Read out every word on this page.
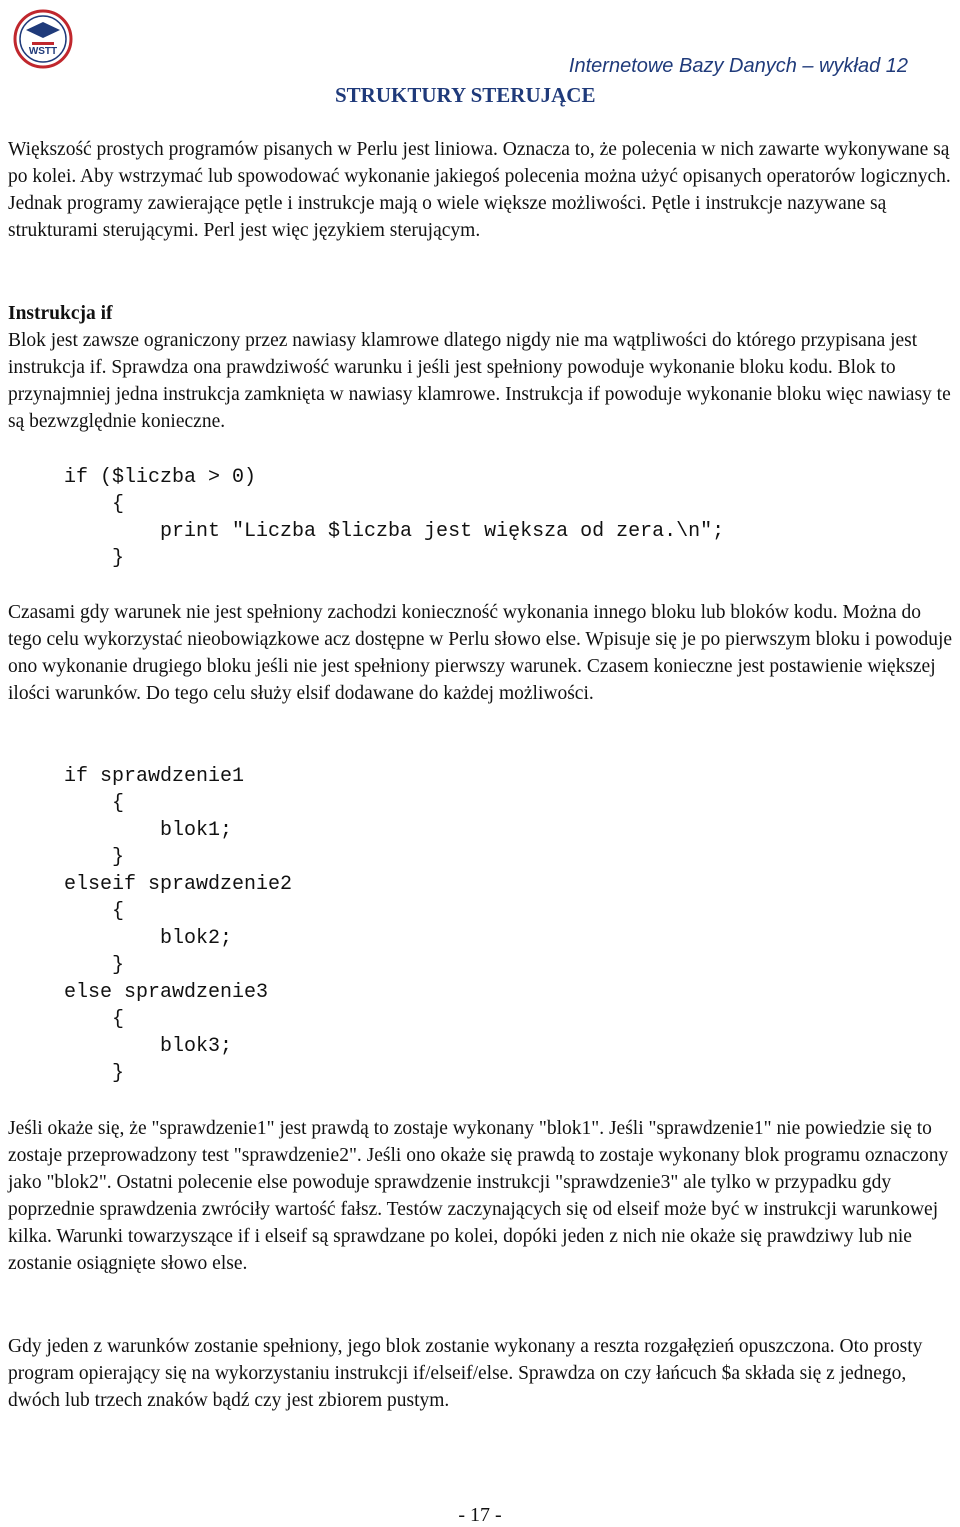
WSTT
Internetowe Bazy Danych – wykład 12
STRUKTURY STERUJĄCE

Większość prostych programów pisanych w Perlu jest liniowa. Oznacza to, że polecenia w nich zawarte wykonywane są po kolei. Aby wstrzymać lub spowodować wykonanie jakiegoś polecenia można użyć opisanych operatorów logicznych. Jednak programy zawierające pętle i instrukcje mają o wiele większe możliwości. Pętle i instrukcje nazywane są strukturami sterującymi. Perl jest więc językiem sterującym.

Instrukcja if

Blok jest zawsze ograniczony przez nawiasy klamrowe dlatego nigdy nie ma wątpliwości do którego przypisana jest instrukcja if. Sprawdza ona prawdziwość warunku i jeśli jest spełniony powoduje wykonanie bloku kodu. Blok to przynajmniej jedna instrukcja zamknięta w nawiasy klamrowe. Instrukcja if powoduje wykonanie bloku więc nawiasy te są bezwzględnie konieczne.

if ($liczba > 0)
{
print "Liczba $liczba jest większa od zera.\n";
}

Czasami gdy warunek nie jest spełniony zachodzi konieczność wykonania innego bloku lub bloków kodu. Można do tego celu wykorzystać nieobowiązkowe acz dostępne w Perlu słowo else. Wpisuje się je po pierwszym bloku i powoduje ono wykonanie drugiego bloku jeśli nie jest spełniony pierwszy warunek. Czasem konieczne jest postawienie większej ilości warunków. Do tego celu służy elsif dodawane do każdej możliwości.

if sprawdzenie1
{
blok1;
}
elseif sprawdzenie2
{
blok2;
}
else sprawdzenie3
{
blok3;
}

Jeśli okaże się, że "sprawdzenie1" jest prawdą to zostaje wykonany "blok1". Jeśli "sprawdzenie1" nie powiedzie się to zostaje przeprowadzony test "sprawdzenie2". Jeśli ono okaże się prawdą to zostaje wykonany blok programu oznaczony jako "blok2". Ostatni polecenie else powoduje sprawdzenie instrukcji "sprawdzenie3" ale tylko w przypadku gdy poprzednie sprawdzenia zwróciły wartość fałsz. Testów zaczynających się od elseif może być w instrukcji warunkowej kilka. Warunki towarzyszące if i elseif są sprawdzane po kolei, dopóki jeden z nich nie okaże się prawdziwy lub nie zostanie osiągnięte słowo else.

Gdy jeden z warunków zostanie spełniony, jego blok zostanie wykonany a reszta rozgałęzień opuszczona. Oto prosty program opierający się na wykorzystaniu instrukcji if/elseif/else. Sprawdza on czy łańcuch $a składa się z jednego, dwóch lub trzech znaków bądź czy jest zbiorem pustym.

- 17 -
